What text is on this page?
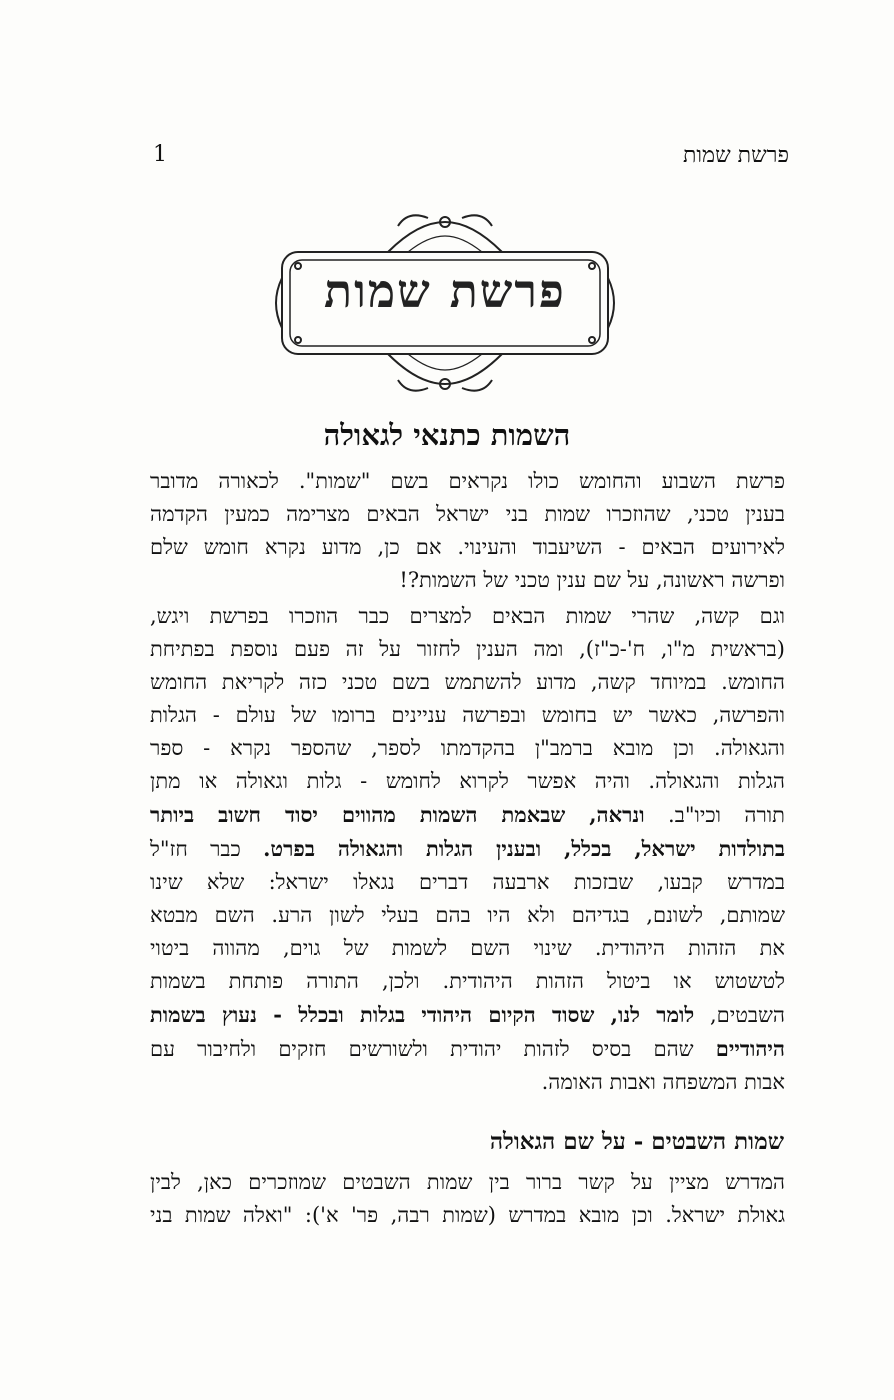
פרשת שמות
1
פרשת שמות
השמות כתנאי לגאולה
פרשת השבוע והחומש כולו נקראים בשם "שמות". לכאורה מדובר
בענין טכני, שהוזכרו שמות בני ישראל הבאים מצרימה כמעין הקדמה
לאירועים הבאים - השיעבוד והעינוי. אם כן, מדוע נקרא חומש שלם
ופרשה ראשונה, על שם ענין טכני של השמות?!
וגם קשה, שהרי שמות הבאים למצרים כבר הוזכרו בפרשת ויגש,
(בראשית מ"ו, ח'-כ"ז), ומה הענין לחזור על זה פעם נוספת בפתיחת
החומש. במיוחד קשה, מדוע להשתמש בשם טכני כזה לקריאת החומש
והפרשה, כאשר יש בחומש ובפרשה עניינים ברומו של עולם - הגלות
והגאולה. וכן מובא ברמב"ן בהקדמתו לספר, שהספר נקרא - ספר
הגלות והגאולה. והיה אפשר לקרוא לחומש - גלות וגאולה או מתן
תורה וכיו"ב. ונראה, שבאמת השמות מהווים יסוד חשוב ביותר
בתולדות ישראל, בכלל, ובענין הגלות והגאולה בפרט. כבר חז"ל
במדרש קבעו, שבזכות ארבעה דברים נגאלו ישראל: שלא שינו
שמותם, לשונם, בגדיהם ולא היו בהם בעלי לשון הרע. השם מבטא
את הזהות היהודית. שינוי השם לשמות של גוים, מהווה ביטוי
לטשטוש או ביטול הזהות היהודית. ולכן, התורה פותחת בשמות
השבטים, לומר לנו, שסוד הקיום היהודי בגלות ובכלל - נעוץ בשמות
היהודיים שהם בסיס לזהות יהודית ולשורשים חזקים ולחיבור עם
אבות המשפחה ואבות האומה.
שמות השבטים - על שם הגאולה
המדרש מציין על קשר ברור בין שמות השבטים שמוזכרים כאן, לבין
גאולת ישראל. וכן מובא במדרש (שמות רבה, פר' א'): "ואלה שמות בני
